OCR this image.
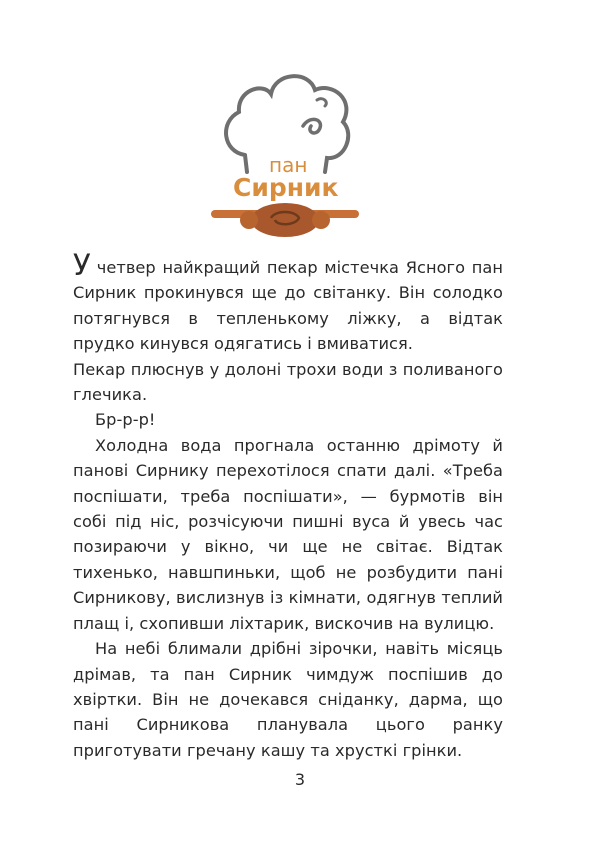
пан
Сирник

Учетвер найкращий пекар містечка Ясного пан Сирник прокинувся ще до світанку. Він солодко потягнувся в тепленькому ліжку, а відтак прудко кинувся одягатись і вмиватися.

Пекар плюснув у долоні трохи води з поливаного глечика.

Бр-р-р!

Холодна вода прогнала останню дрімоту й панові Сирнику перехотілося спати далі. «Треба поспішати, треба поспішати», — бурмотів він собі під ніс, розчісуючи пишні вуса й увесь час позираючи у вікно, чи ще не світає. Відтак тихенько, навшпиньки, щоб не розбудити пані Сирникову, вислизнув із кімнати, одягнув теплий плащ і, схопивши ліхтарик, вискочив на вулицю.

На небі блимали дрібні зірочки, навіть місяць дрімав, та пан Сирник чимдуж поспішив до хвіртки. Він не дочекався сніданку, дарма, що пані Сирникова планувала цього ранку приготувати гречану кашу та хрусткі грінки.

3
